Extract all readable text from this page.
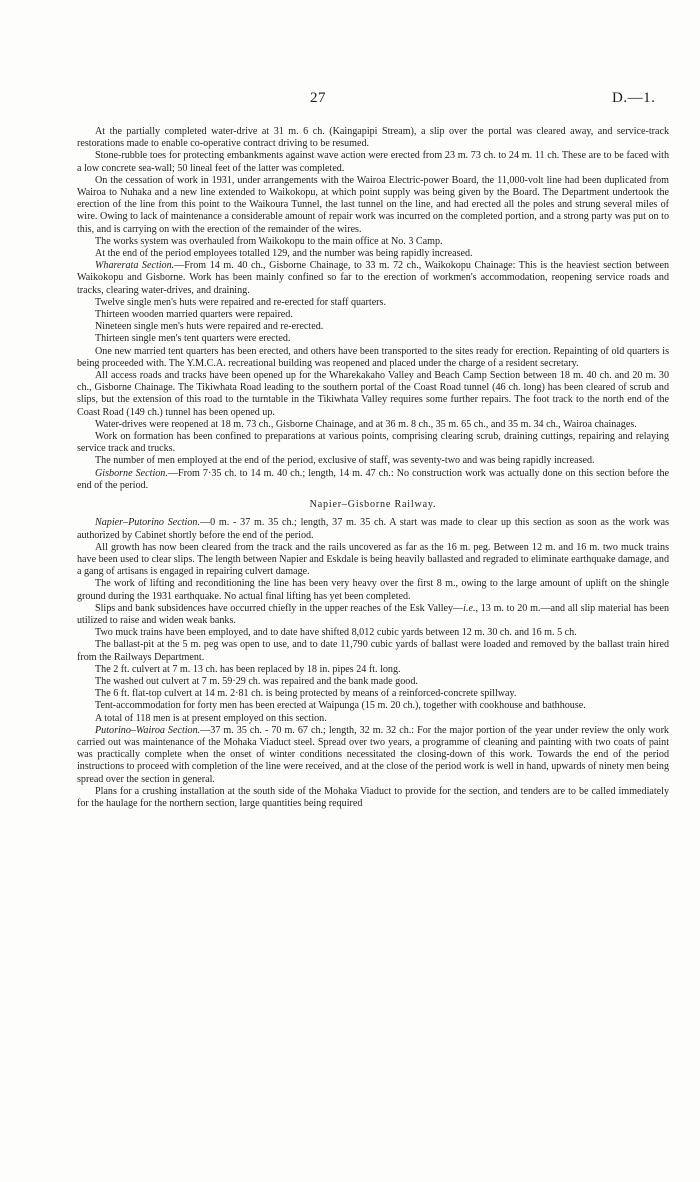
27	D.—1.

At the partially completed water-drive at 31 m. 6 ch. (Kaingapipi Stream), a slip over the portal was cleared away, and service-track restorations made to enable co-operative contract driving to be resumed.

Stone-rubble toes for protecting embankments against wave action were erected from 23 m. 73 ch. to 24 m. 11 ch. These are to be faced with a low concrete sea-wall; 50 lineal feet of the latter was completed.

On the cessation of work in 1931, under arrangements with the Wairoa Electric-power Board, the 11,000-volt line had been duplicated from Wairoa to Nuhaka and a new line extended to Waikokopu, at which point supply was being given by the Board. The Department undertook the erection of the line from this point to the Waikoura Tunnel, the last tunnel on the line, and had erected all the poles and strung several miles of wire. Owing to lack of maintenance a considerable amount of repair work was incurred on the completed portion, and a strong party was put on to this, and is carrying on with the erection of the remainder of the wires.

The works system was overhauled from Waikokopu to the main office at No. 3 Camp.

At the end of the period employees totalled 129, and the number was being rapidly increased.

Wharerata Section.—From 14 m. 40 ch., Gisborne Chainage, to 33 m. 72 ch., Waikokopu Chainage: This is the heaviest section between Waikokopu and Gisborne. Work has been mainly confined so far to the erection of workmen's accommodation, reopening service roads and tracks, clearing water-drives, and draining.

Twelve single men's huts were repaired and re-erected for staff quarters.

Thirteen wooden married quarters were repaired.

Nineteen single men's huts were repaired and re-erected.

Thirteen single men's tent quarters were erected.

One new married tent quarters has been erected, and others have been transported to the sites ready for erection. Repainting of old quarters is being proceeded with. The Y.M.C.A. recreational building was reopened and placed under the charge of a resident secretary.

All access roads and tracks have been opened up for the Wharekakaho Valley and Beach Camp Section between 18 m. 40 ch. and 20 m. 30 ch., Gisborne Chainage. The Tikiwhata Road leading to the southern portal of the Coast Road tunnel (46 ch. long) has been cleared of scrub and slips, but the extension of this road to the turntable in the Tikiwhata Valley requires some further repairs. The foot track to the north end of the Coast Road (149 ch.) tunnel has been opened up.

Water-drives were reopened at 18 m. 73 ch., Gisborne Chainage, and at 36 m. 8 ch., 35 m. 65 ch., and 35 m. 34 ch., Wairoa chainages.

Work on formation has been confined to preparations at various points, comprising clearing scrub, draining cuttings, repairing and relaying service track and trucks.

The number of men employed at the end of the period, exclusive of staff, was seventy-two and was being rapidly increased.

Gisborne Section.—From 7·35 ch. to 14 m. 40 ch.; length, 14 m. 47 ch.: No construction work was actually done on this section before the end of the period.

Napier–Gisborne Railway.

Napier–Putorino Section.—0 m. - 37 m. 35 ch.; length, 37 m. 35 ch. A start was made to clear up this section as soon as the work was authorized by Cabinet shortly before the end of the period.

All growth has now been cleared from the track and the rails uncovered as far as the 16 m. peg. Between 12 m. and 16 m. two muck trains have been used to clear slips. The length between Napier and Eskdale is being heavily ballasted and regraded to eliminate earthquake damage, and a gang of artisans is engaged in repairing culvert damage.

The work of lifting and reconditioning the line has been very heavy over the first 8 m., owing to the large amount of uplift on the shingle ground during the 1931 earthquake. No actual final lifting has yet been completed.

Slips and bank subsidences have occurred chiefly in the upper reaches of the Esk Valley—i.e., 13 m. to 20 m.—and all slip material has been utilized to raise and widen weak banks.

Two muck trains have been employed, and to date have shifted 8,012 cubic yards between 12 m. 30 ch. and 16 m. 5 ch.

The ballast-pit at the 5 m. peg was open to use, and to date 11,790 cubic yards of ballast were loaded and removed by the ballast train hired from the Railways Department.

The 2 ft. culvert at 7 m. 13 ch. has been replaced by 18 in. pipes 24 ft. long.

The washed out culvert at 7 m. 59·29 ch. was repaired and the bank made good.

The 6 ft. flat-top culvert at 14 m. 2·81 ch. is being protected by means of a reinforced-concrete spillway.

Tent-accommodation for forty men has been erected at Waipunga (15 m. 20 ch.), together with cookhouse and bathhouse.

A total of 118 men is at present employed on this section.

Putorino–Wairoa Section.—37 m. 35 ch. - 70 m. 67 ch.; length, 32 m. 32 ch.: For the major portion of the year under review the only work carried out was maintenance of the Mohaka Viaduct steel. Spread over two years, a programme of cleaning and painting with two coats of paint was practically complete when the onset of winter conditions necessitated the closing-down of this work. Towards the end of the period instructions to proceed with completion of the line were received, and at the close of the period work is well in hand, upwards of ninety men being spread over the section in general.

Plans for a crushing installation at the south side of the Mohaka Viaduct to provide for the section, and tenders are to be called immediately for the haulage for the northern section, large quantities being required
